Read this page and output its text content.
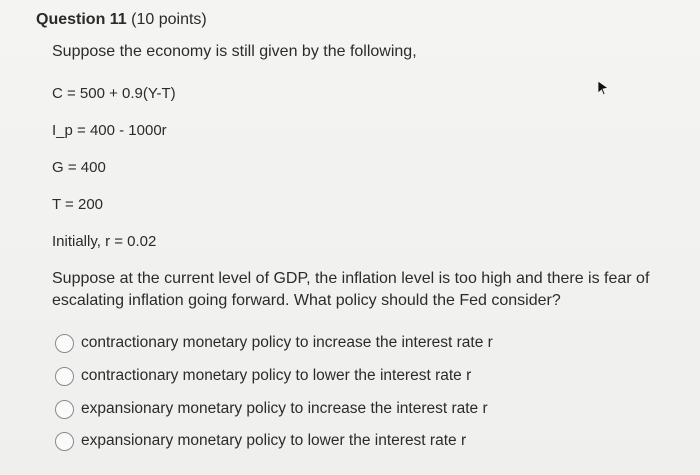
Question 11 (10 points)
Suppose the economy is still given by the following,
C = 500 + 0.9(Y-T)
I_p = 400 - 1000r
G = 400
T = 200
Initially, r = 0.02
Suppose at the current level of GDP, the inflation level is too high and there is fear of escalating inflation going forward. What policy should the Fed consider?
contractionary monetary policy to increase the interest rate r
contractionary monetary policy to lower the interest rate r
expansionary monetary policy to increase the interest rate r
expansionary monetary policy to lower the interest rate r
